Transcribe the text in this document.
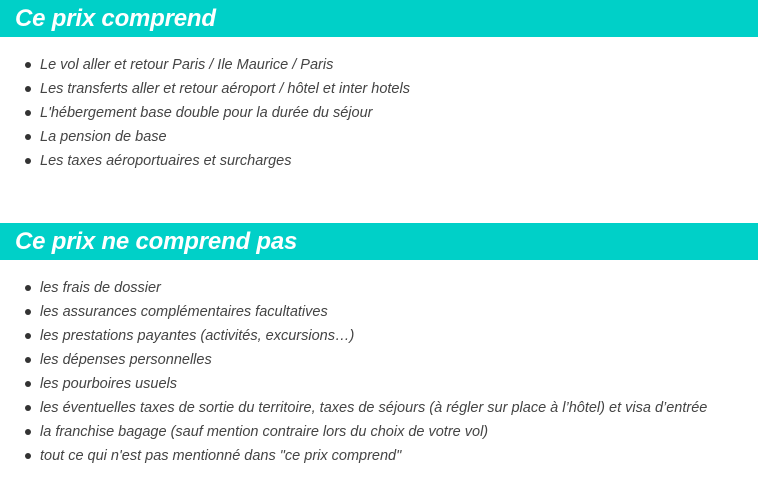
Ce prix comprend
Le vol aller et retour Paris / Ile Maurice / Paris
Les transferts aller et retour aéroport / hôtel et inter hotels
L'hébergement base double pour la durée du séjour
La pension de base
Les taxes aéroportuaires et surcharges
Ce prix ne comprend pas
les frais de dossier
les assurances complémentaires facultatives
les prestations payantes (activités, excursions…)
les dépenses personnelles
les pourboires usuels
les éventuelles taxes de sortie du territoire, taxes de séjours (à régler sur place à l’hôtel) et visa d’entrée
la franchise bagage (sauf mention contraire lors du choix de votre vol)
tout ce qui n'est pas mentionné dans "ce prix comprend"
